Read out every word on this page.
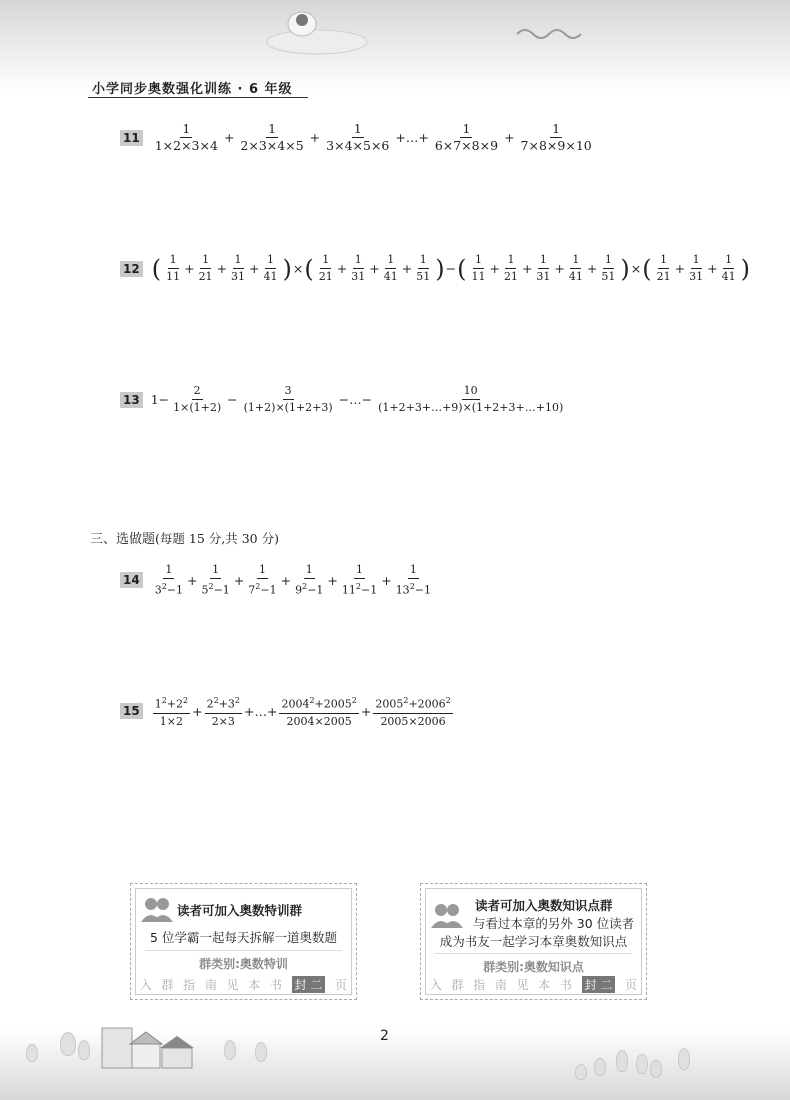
小学同步奥数强化训练 · 6 年级
$11 \frac{1}{1\times 2\times 3\times 4} + \frac{1}{2\times 3\times 4\times 5} + \frac{1}{3\times 4\times 5\times 6}$ +…+ $\frac{1}{6\times 7\times 8\times 9} + \frac{1}{7\times 8\times 9\times 10}$
12 ( $\frac{1}{11} + \frac{1}{21} + \frac{1}{31} + \frac{1}{41}$ ) × ( $\frac{1}{21} + \frac{1}{31} + \frac{1}{41} + \frac{1}{51}$ ) − ( $\frac{1}{11} + \frac{1}{21} + \frac{1}{31} + \frac{1}{41} + \frac{1}{51}$ ) × ( $\frac{1}{21} + \frac{1}{31} + \frac{1}{41}$ )
13 $1- \frac{2}{1\times(1+2)} - \frac{3}{(1+2)\times(1+2+3)}$ −…− $\frac{10}{(1+2+3+\dots+9)\times(1+2+3+\dots+10)}$
三、选做题(每题 15 分,共 30 分)
$14 \frac{1}{3^2-1} + \frac{1}{5^2-1} + \frac{1}{7^2-1} + \frac{1}{9^2-1} + \frac{1}{11^2-1} + \frac{1}{13^2-1}$
$15 \frac{1^2+2^2}{1\times 2} + \frac{2^2+3^2}{2\times 3}$ +…+ $\frac{2004^2+2005^2}{2004\times 2005} + \frac{2005^2+2006^2}{2005\times 2006}$
读者可加入奥数特训群
5 位学霸一起每天拆解一道奥数题
群类别:奥数特训
入 群 指 南 见 本 书 封 二 页
读者可加入奥数知识点群
与看过本章的另外 30 位读者
成为书友一起学习本章奥数知识点
群类别:奥数知识点
入 群 指 南 见 本 书 封 二 页
2
